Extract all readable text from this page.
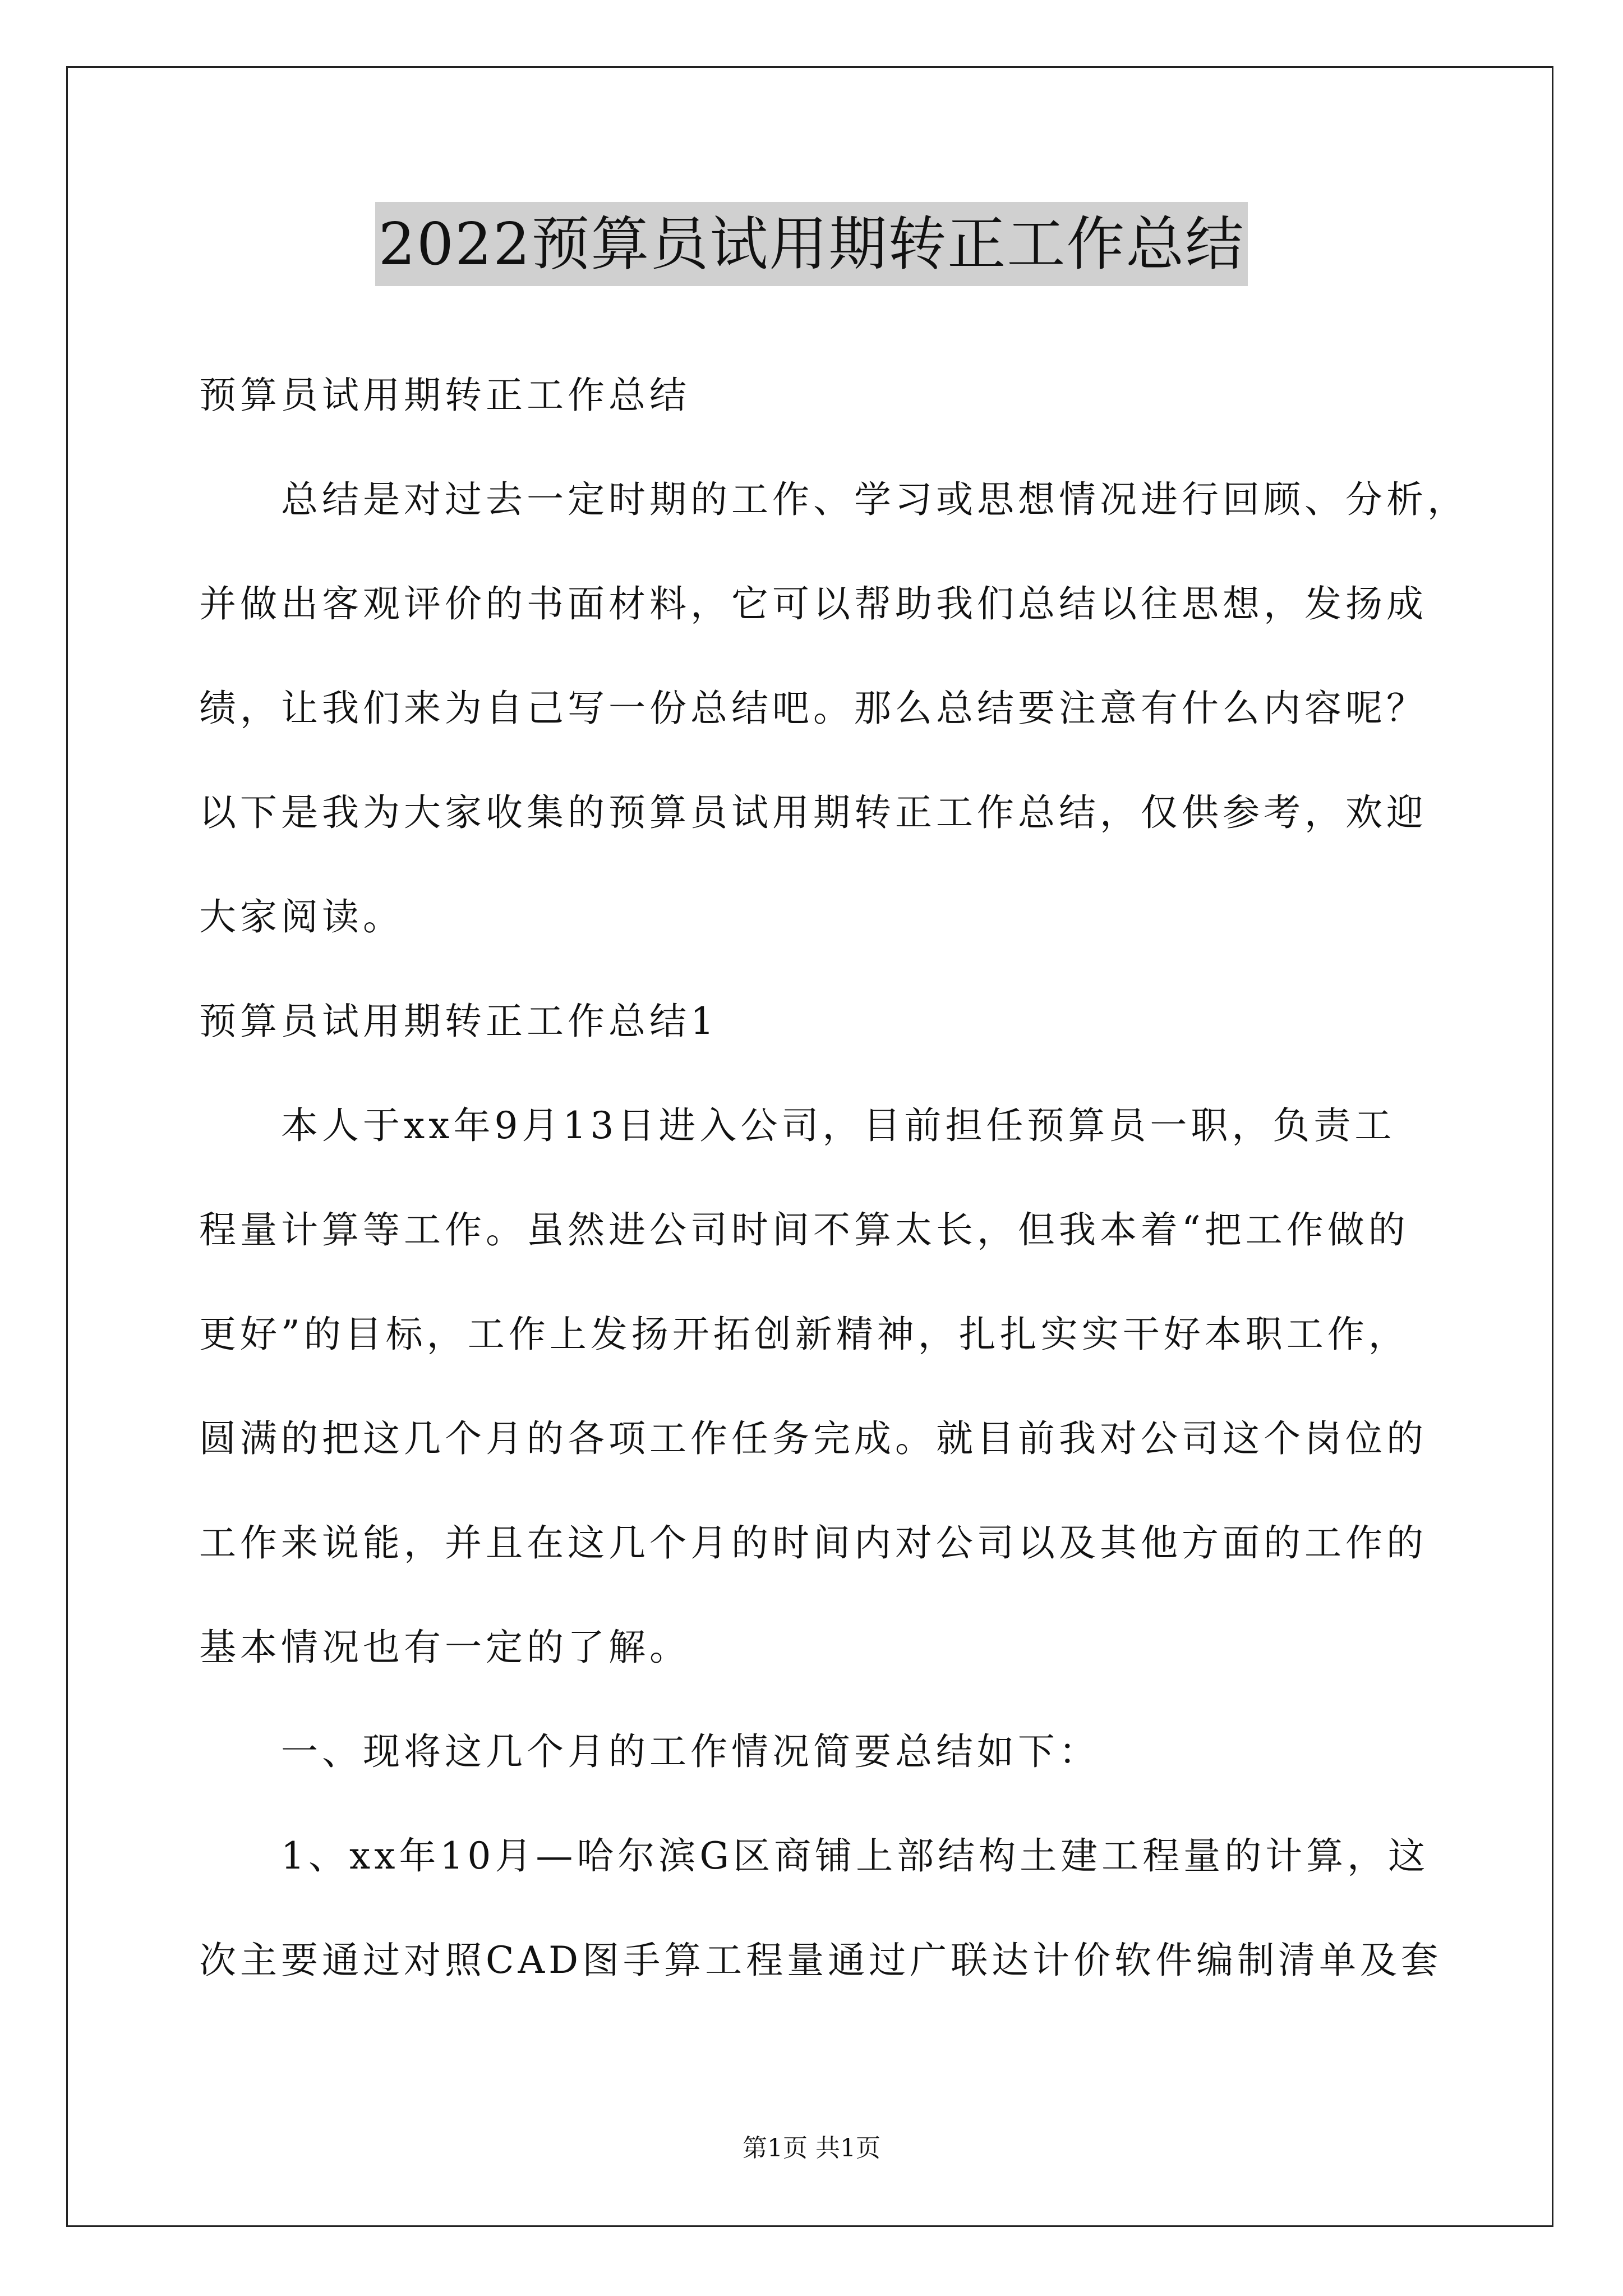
2022预算员试用期转正工作总结

预算员试用期转正工作总结

总结是对过去一定时期的工作、学习或思想情况进行回顾、分析，

并做出客观评价的书面材料，它可以帮助我们总结以往思想，发扬成

绩，让我们来为自己写一份总结吧。那么总结要注意有什么内容呢？

以下是我为大家收集的预算员试用期转正工作总结，仅供参考，欢迎

大家阅读。

预算员试用期转正工作总结1

本人于xx年9月13日进入公司，目前担任预算员一职，负责工

程量计算等工作。虽然进公司时间不算太长，但我本着“把工作做的

更好”的目标，工作上发扬开拓创新精神，扎扎实实干好本职工作，

圆满的把这几个月的各项工作任务完成。就目前我对公司这个岗位的

工作来说能，并且在这几个月的时间内对公司以及其他方面的工作的

基本情况也有一定的了解。

一、现将这几个月的工作情况简要总结如下：

1、xx年10月—哈尔滨G区商铺上部结构土建工程量的计算，这

次主要通过对照CAD图手算工程量通过广联达计价软件编制清单及套

第1页 共1页
